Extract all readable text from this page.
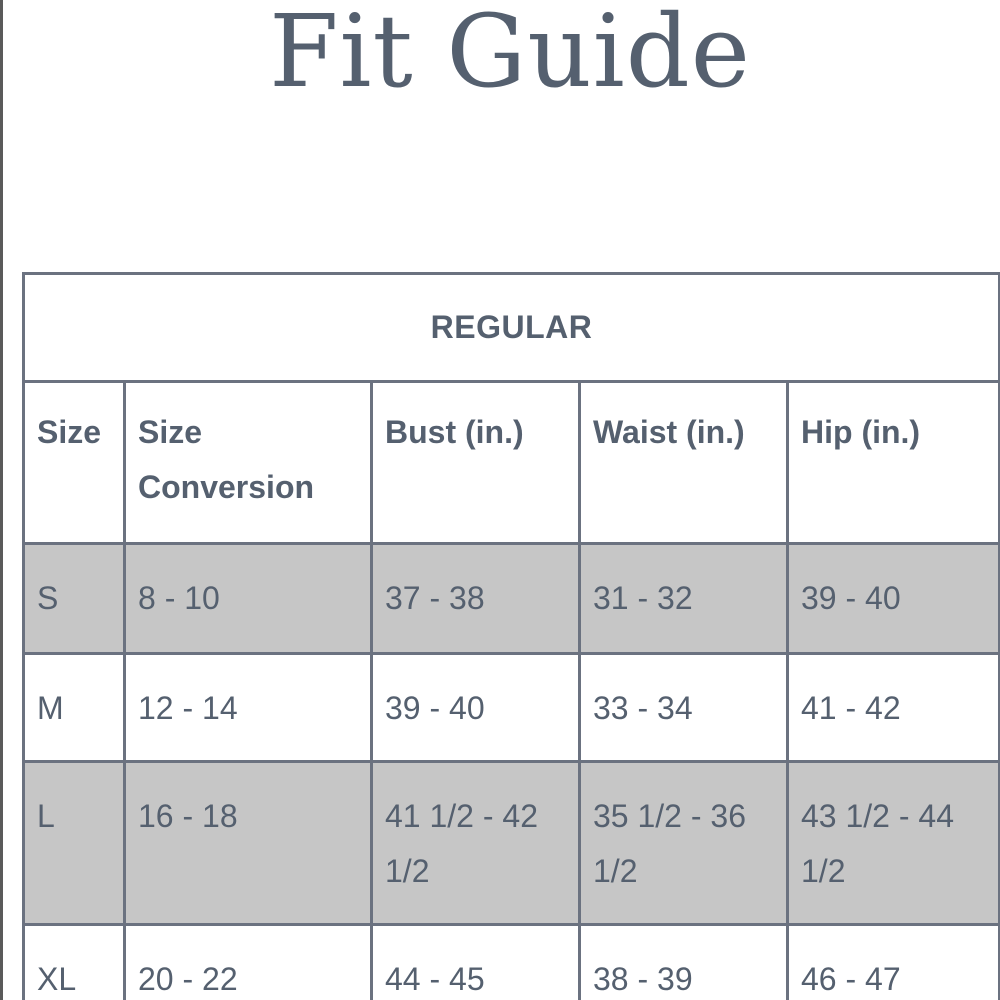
Fit Guide
REGULAR				
Size	Size Conversion	Bust (in.)	Waist (in.)	Hip (in.)
S	8 - 10	37 - 38	31 - 32	39 - 40
M	12 - 14	39 - 40	33 - 34	41 - 42
L	16 - 18	41 1/2 - 42 1/2	35 1/2 - 36 1/2	43 1/2 - 44 1/2
XL	20 - 22	44 - 45	38 - 39	46 - 47
